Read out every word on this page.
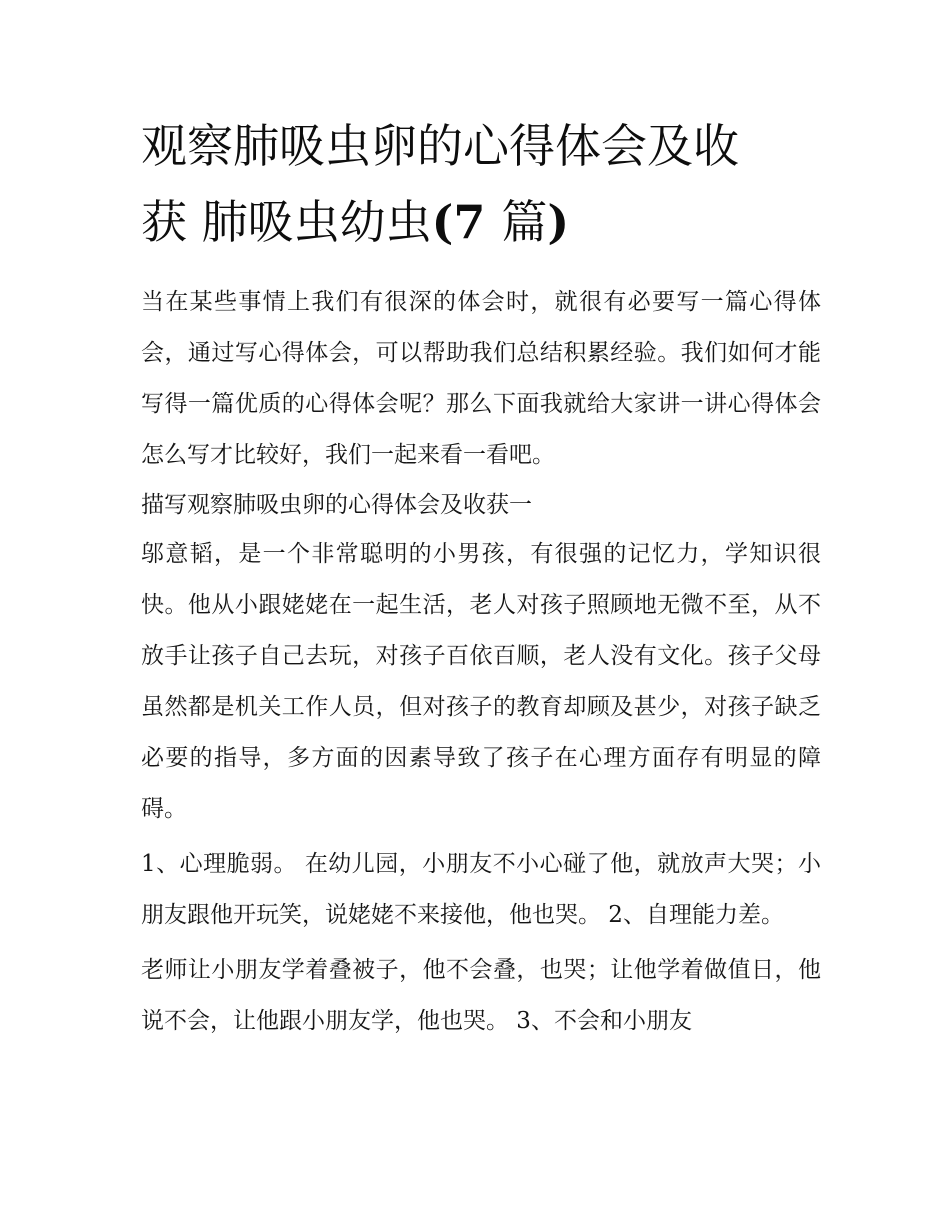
观察肺吸虫卵的心得体会及收
获 肺吸虫幼虫(7 篇)

当在某些事情上我们有很深的体会时，就很有必要写一篇心得体会，通过写心得体会，可以帮助我们总结积累经验。我们如何才能写得一篇优质的心得体会呢？那么下面我就给大家讲一讲心得体会怎么写才比较好，我们一起来看一看吧。

描写观察肺吸虫卵的心得体会及收获一

邬意韬，是一个非常聪明的小男孩，有很强的记忆力，学知识很快。他从小跟姥姥在一起生活，老人对孩子照顾地无微不至，从不放手让孩子自己去玩，对孩子百依百顺，老人没有文化。孩子父母虽然都是机关工作人员，但对孩子的教育却顾及甚少，对孩子缺乏必要的指导，多方面的因素导致了孩子在心理方面存有明显的障碍。

1、心理脆弱。 在幼儿园，小朋友不小心碰了他，就放声大哭；小朋友跟他开玩笑，说姥姥不来接他，他也哭。 2、自理能力差。

老师让小朋友学着叠被子，他不会叠，也哭；让他学着做值日，他说不会，让他跟小朋友学，他也哭。 3、不会和小朋友
